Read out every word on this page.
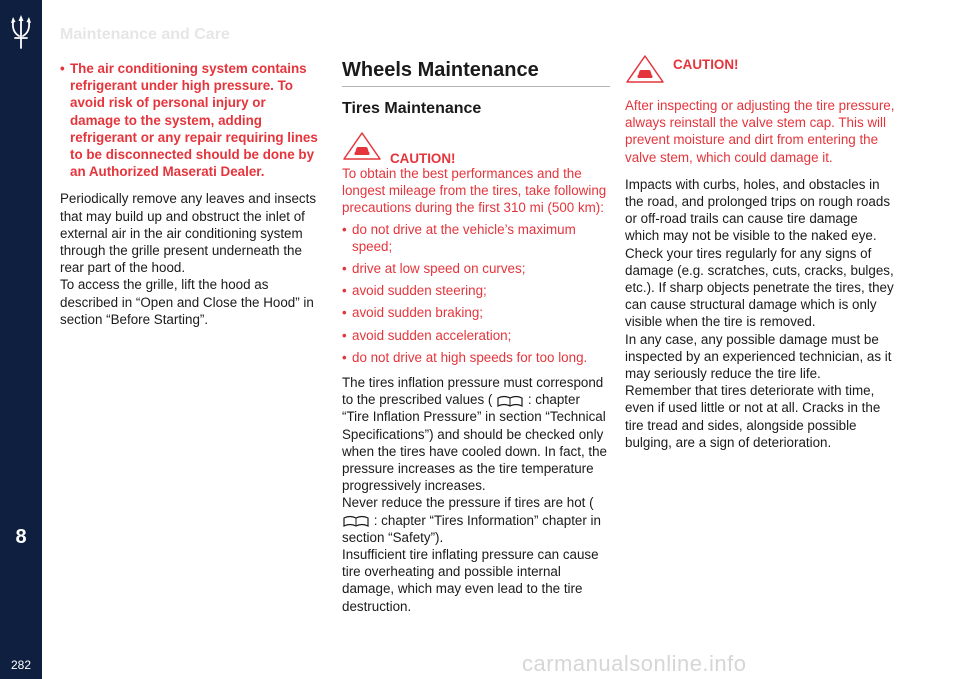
8
282
Maintenance and Care

• The air conditioning system contains refrigerant under high pressure. To avoid risk of personal injury or damage to the system, adding refrigerant or any repair requiring lines to be disconnected should be done by an Authorized Maserati Dealer.

Periodically remove any leaves and insects that may build up and obstruct the inlet of external air in the air conditioning system through the grille present underneath the rear part of the hood.

To access the grille, lift the hood as described in “Open and Close the Hood” in section “Before Starting”.

Wheels Maintenance
Tires Maintenance
CAUTION!

To obtain the best performances and the longest mileage from the tires, take following precautions during the first 310 mi (500 km):

• do not drive at the vehicle’s maximum speed;
• drive at low speed on curves;
• avoid sudden steering;
• avoid sudden braking;
• avoid sudden acceleration;
• do not drive at high speeds for too long.

The tires inflation pressure must correspond to the prescribed values (	: chapter “Tire Inflation Pressure” in section “Technical Specifications”) and should be checked only when the tires have cooled down. In fact, the pressure increases as the tire temperature progressively increases.

Never reduce the pressure if tires are hot (  : chapter “Tires Information” chapter in section “Safety”).

Insufficient tire inflating pressure can cause tire overheating and possible internal damage, which may even lead to the tire destruction.

CAUTION!

After inspecting or adjusting the tire pressure, always reinstall the valve stem cap. This will prevent moisture and dirt from entering the valve stem, which could damage it.

Impacts with curbs, holes, and obstacles in the road, and prolonged trips on rough roads or off-road trails can cause tire damage which may not be visible to the naked eye.

Check your tires regularly for any signs of damage (e.g. scratches, cuts, cracks, bulges, etc.). If sharp objects penetrate the tires, they can cause structural damage which is only visible when the tire is removed.

In any case, any possible damage must be inspected by an experienced technician, as it may seriously reduce the tire life.

Remember that tires deteriorate with time, even if used little or not at all. Cracks in the tire tread and sides, alongside possible bulging, are a sign of deterioration.

carmanualsonline.info
